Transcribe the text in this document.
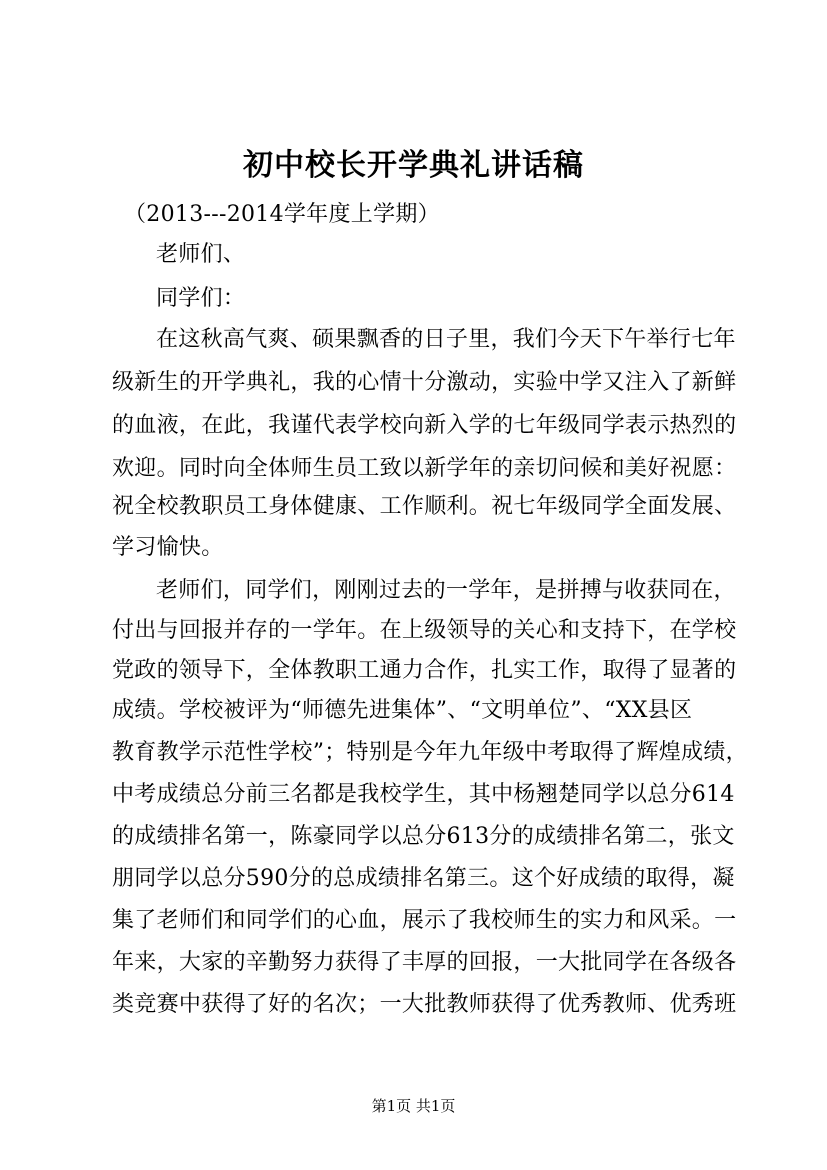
初中校长开学典礼讲话稿
（2013---2014学年度上学期）
老师们、
同学们：
在这秋高气爽、硕果飘香的日子里，我们今天下午举行七年
级新生的开学典礼，我的心情十分激动，实验中学又注入了新鲜
的血液，在此，我谨代表学校向新入学的七年级同学表示热烈的
欢迎。同时向全体师生员工致以新学年的亲切问候和美好祝愿：
祝全校教职员工身体健康、工作顺利。祝七年级同学全面发展、
学习愉快。
老师们，同学们，刚刚过去的一学年，是拼搏与收获同在，
付出与回报并存的一学年。在上级领导的关心和支持下，在学校
党政的领导下，全体教职工通力合作，扎实工作，取得了显著的
成绩。学校被评为“师德先进集体”、“文明单位”、“XX县区
教育教学示范性学校”；特别是今年九年级中考取得了辉煌成绩，
中考成绩总分前三名都是我校学生，其中杨翘楚同学以总分614
的成绩排名第一，陈豪同学以总分613分的成绩排名第二，张文
朋同学以总分590分的总成绩排名第三。这个好成绩的取得，凝
集了老师们和同学们的心血，展示了我校师生的实力和风采。一
年来，大家的辛勤努力获得了丰厚的回报，一大批同学在各级各
类竞赛中获得了好的名次；一大批教师获得了优秀教师、优秀班
第1页 共1页
